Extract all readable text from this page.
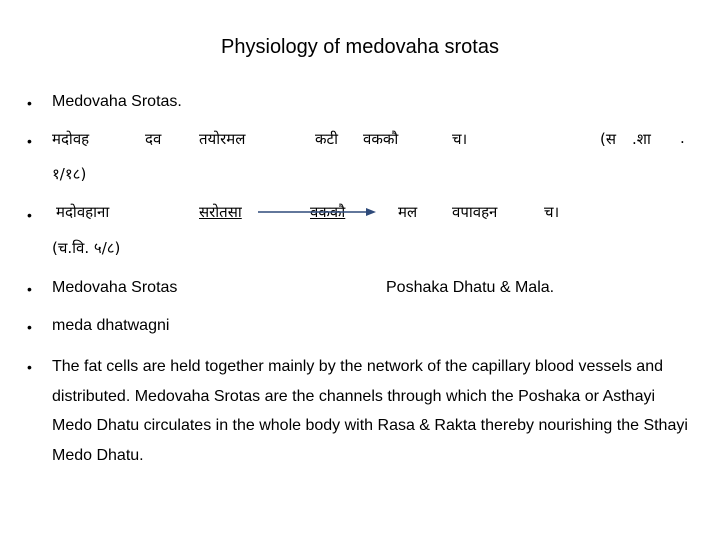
Physiology of medovaha srotas
• Medovaha Srotas.
• मदोवह	दव	तयोरमल	कटी वककौ	च।	(स .शा .
१/१८)
• मदोवहाना	सरोतसा	वककौ	मल वपावहन	च।
(च.वि. ५/८)
• Medovaha Srotas	Poshaka Dhatu & Mala.
• meda dhatwagni
• The fat cells are held together mainly by the network of the capillary blood vessels and distributed. Medovaha Srotas are the channels through which the Poshaka or Asthayi Medo Dhatu circulates in the whole body with Rasa & Rakta thereby nourishing the Sthayi Medo Dhatu.
